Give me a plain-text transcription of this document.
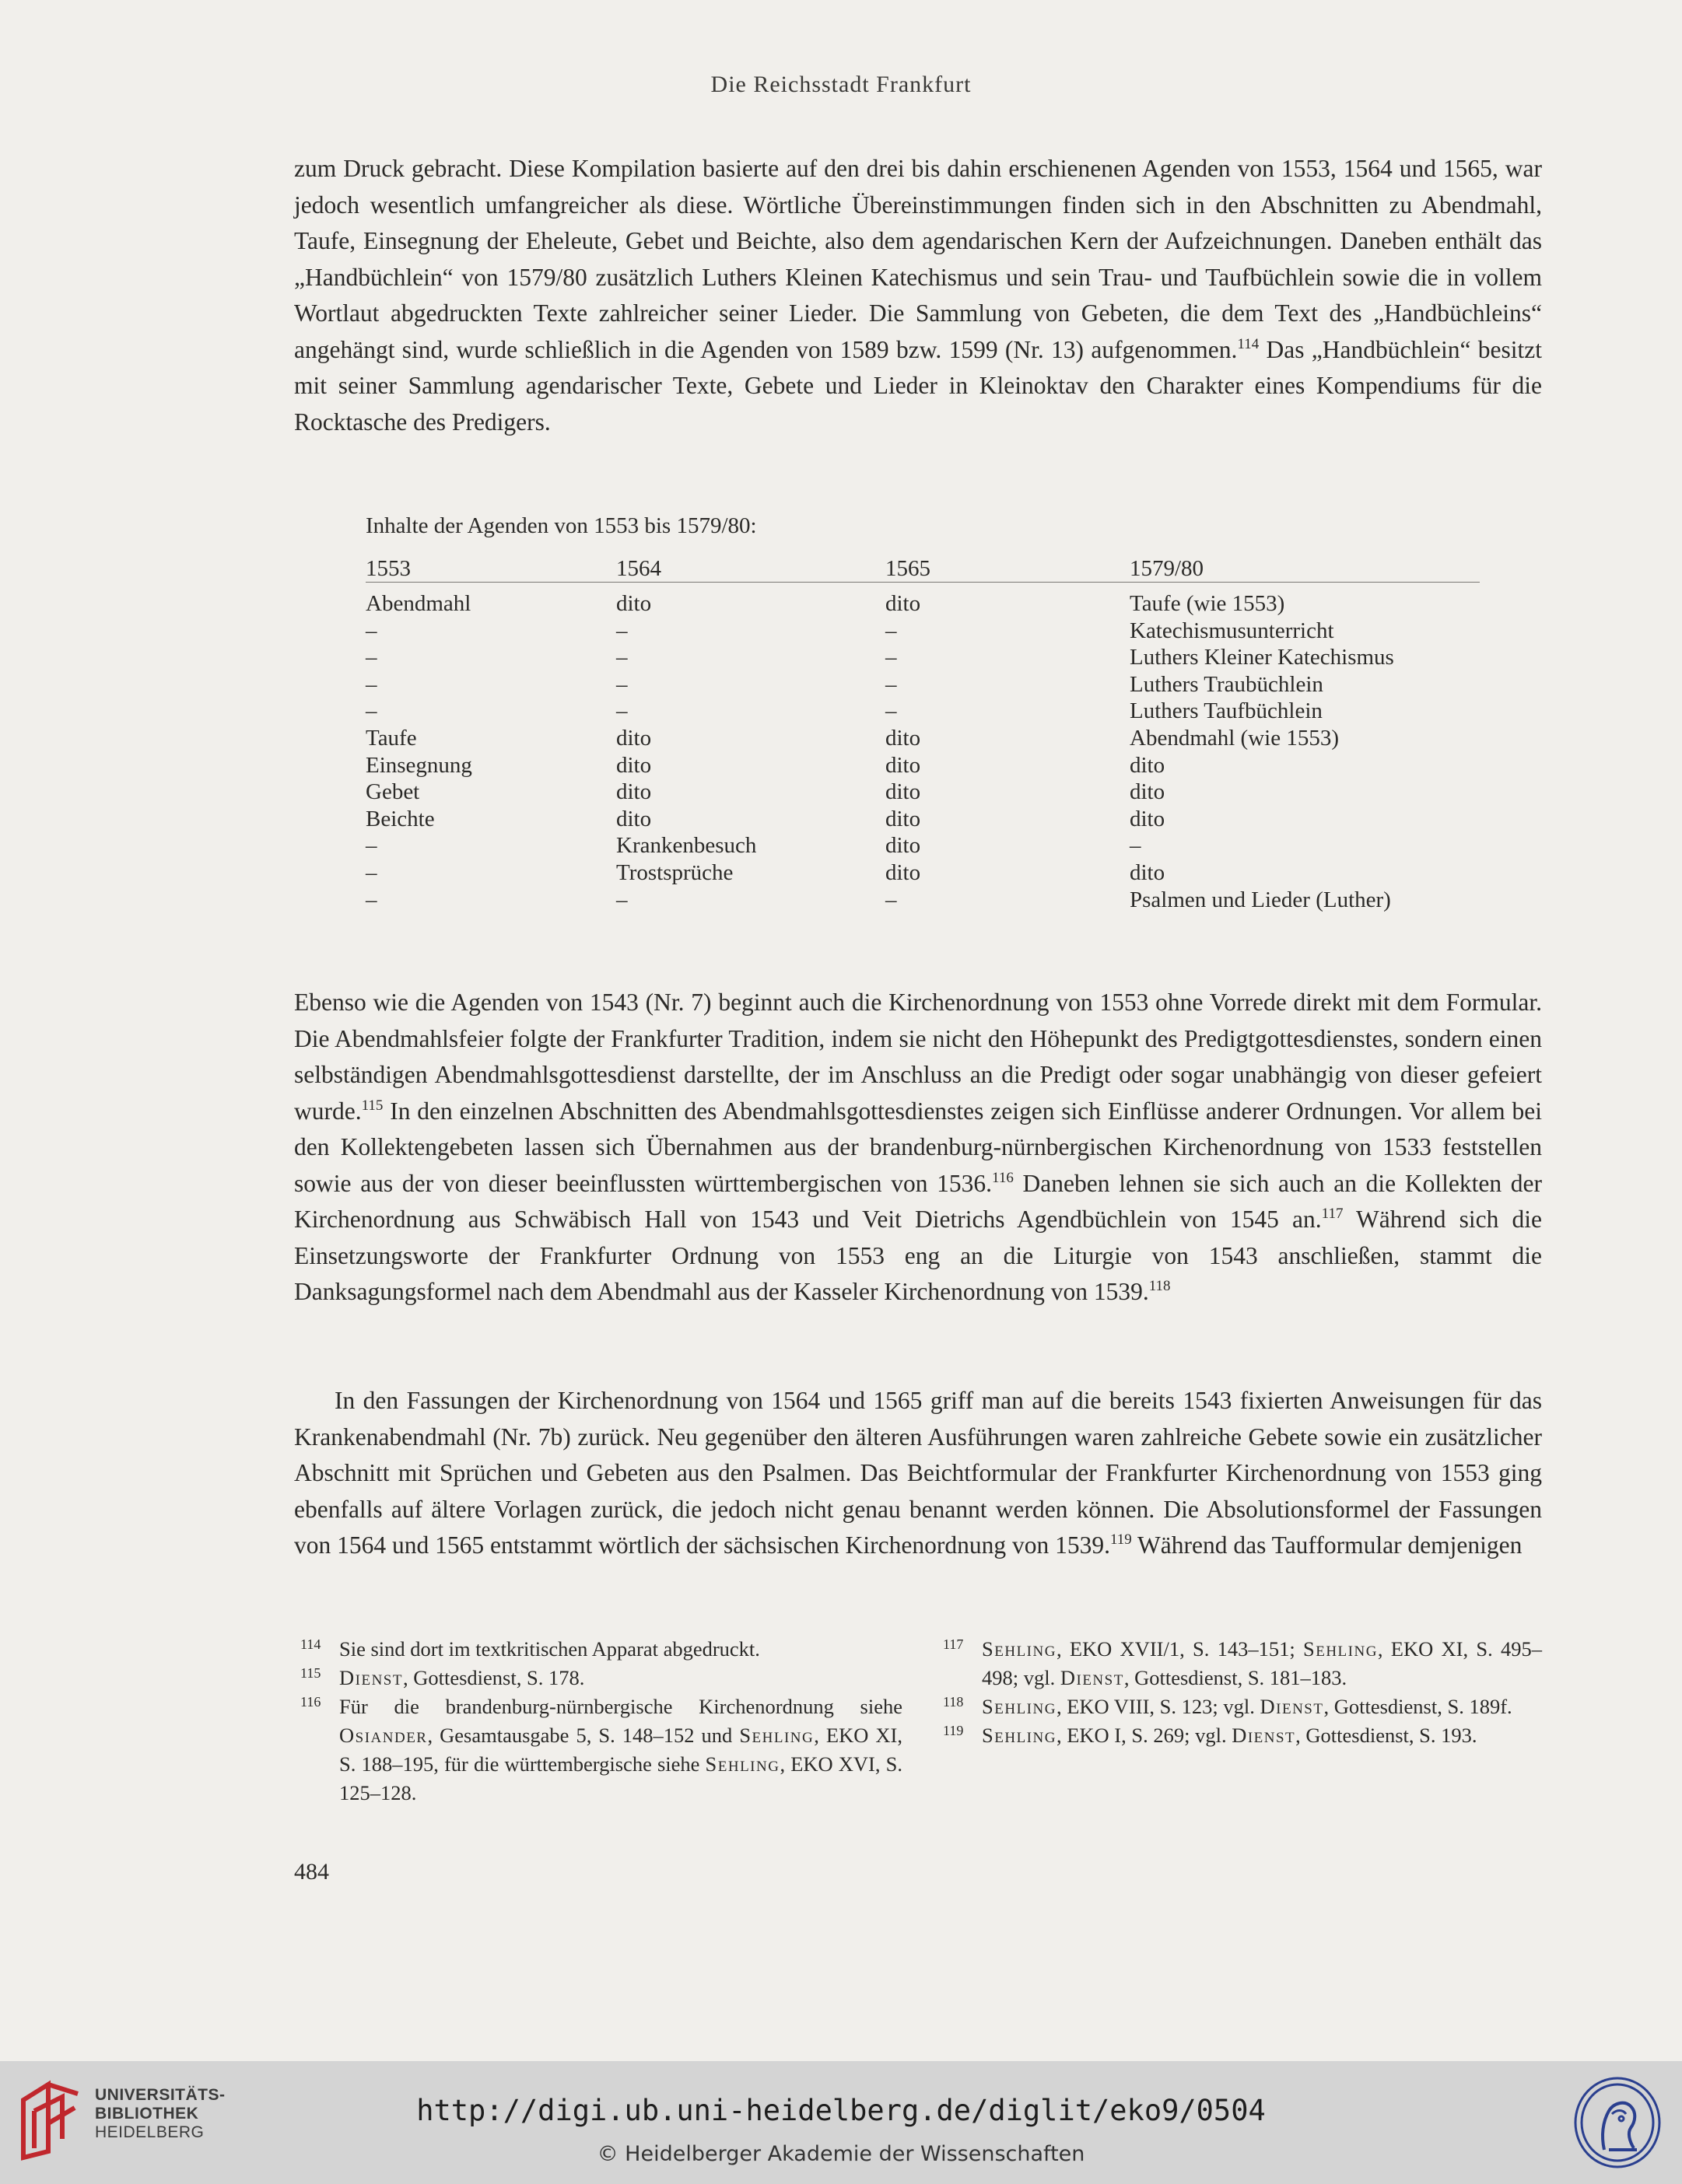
Die Reichsstadt Frankfurt

zum Druck gebracht. Diese Kompilation basierte auf den drei bis dahin erschienenen Agenden von 1553, 1564 und 1565, war jedoch wesentlich umfangreicher als diese. Wörtliche Übereinstimmungen finden sich in den Abschnitten zu Abendmahl, Taufe, Einsegnung der Eheleute, Gebet und Beichte, also dem agendarischen Kern der Aufzeichnungen. Daneben enthält das „Handbüchlein“ von 1579/80 zusätzlich Luthers Kleinen Katechismus und sein Trau- und Taufbüchlein sowie die in vollem Wortlaut abgedruckten Texte zahlreicher seiner Lieder. Die Sammlung von Gebeten, die dem Text des „Handbüchleins“ angehängt sind, wurde schließlich in die Agenden von 1589 bzw. 1599 (Nr. 13) aufgenommen.$^{114}$ Das „Handbüchlein“ besitzt mit seiner Sammlung agendarischer Texte, Gebete und Lieder in Kleinoktav den Charakter eines Kompendiums für die Rocktasche des Predigers.

Inhalte der Agenden von 1553 bis 1579/80:

1553	1564	1565	1579/80
Abendmahl	dito	dito	Taufe (wie 1553)
–	–	–	Katechismusunterricht
–	–	–	Luthers Kleiner Katechismus
–	–	–	Luthers Traubüchlein
–	–	–	Luthers Taufbüchlein
Taufe	dito	dito	Abendmahl (wie 1553)
Einsegnung	dito	dito	dito
Gebet	dito	dito	dito
Beichte	dito	dito	dito
–	Krankenbesuch	dito	–
–	Trostsprüche	dito	dito
–	–	–	Psalmen und Lieder (Luther)

Ebenso wie die Agenden von 1543 (Nr. 7) beginnt auch die Kirchenordnung von 1553 ohne Vorrede direkt mit dem Formular. Die Abendmahlsfeier folgte der Frankfurter Tradition, indem sie nicht den Höhepunkt des Predigtgottesdienstes, sondern einen selbständigen Abendmahlsgottesdienst darstellte, der im Anschluss an die Predigt oder sogar unabhängig von dieser gefeiert wurde.$^{115}$ In den einzelnen Abschnitten des Abendmahlsgottesdienstes zeigen sich Einflüsse anderer Ordnungen. Vor allem bei den Kollektengebeten lassen sich Übernahmen aus der brandenburg-nürnbergischen Kirchenordnung von 1533 feststellen sowie aus der von dieser beeinflussten württembergischen von 1536.$^{116}$ Daneben lehnen sie sich auch an die Kollekten der Kirchenordnung aus Schwäbisch Hall von 1543 und Veit Dietrichs Agendbüchlein von 1545 an.$^{117}$ Während sich die Einsetzungsworte der Frankfurter Ordnung von 1553 eng an die Liturgie von 1543 anschließen, stammt die Danksagungsformel nach dem Abendmahl aus der Kasseler Kirchenordnung von 1539.$^{118}$

In den Fassungen der Kirchenordnung von 1564 und 1565 griff man auf die bereits 1543 fixierten Anweisungen für das Krankenabendmahl (Nr. 7b) zurück. Neu gegenüber den älteren Ausführungen waren zahlreiche Gebete sowie ein zusätzlicher Abschnitt mit Sprüchen und Gebeten aus den Psalmen. Das Beichtformular der Frankfurter Kirchenordnung von 1553 ging ebenfalls auf ältere Vorlagen zurück, die jedoch nicht genau benannt werden können. Die Absolutionsformel der Fassungen von 1564 und 1565 entstammt wörtlich der sächsischen Kirchenordnung von 1539.$^{119}$ Während das Taufformular demjenigen

114 Sie sind dort im textkritischen Apparat abgedruckt.

115 Dienst, Gottesdienst, S. 178.

116 Für die brandenburg-nürnbergische Kirchenordnung siehe Osiander, Gesamtausgabe 5, S. 148–152 und Sehling, EKO XI, S. 188–195, für die württembergische siehe Sehling, EKO XVI, S. 125–128.

117 Sehling, EKO XVII/1, S. 143–151; Sehling, EKO XI, S. 495–498; vgl. Dienst, Gottesdienst, S. 181–183.

118 Sehling, EKO VIII, S. 123; vgl. Dienst, Gottesdienst, S. 189f.

119 Sehling, EKO I, S. 269; vgl. Dienst, Gottesdienst, S. 193.

484
UNIVERSITÄTS-
BIBLIOTHEK
HEIDELBERG
http://digi.ub.uni-heidelberg.de/diglit/eko9/0504
© Heidelberger Akademie der Wissenschaften
